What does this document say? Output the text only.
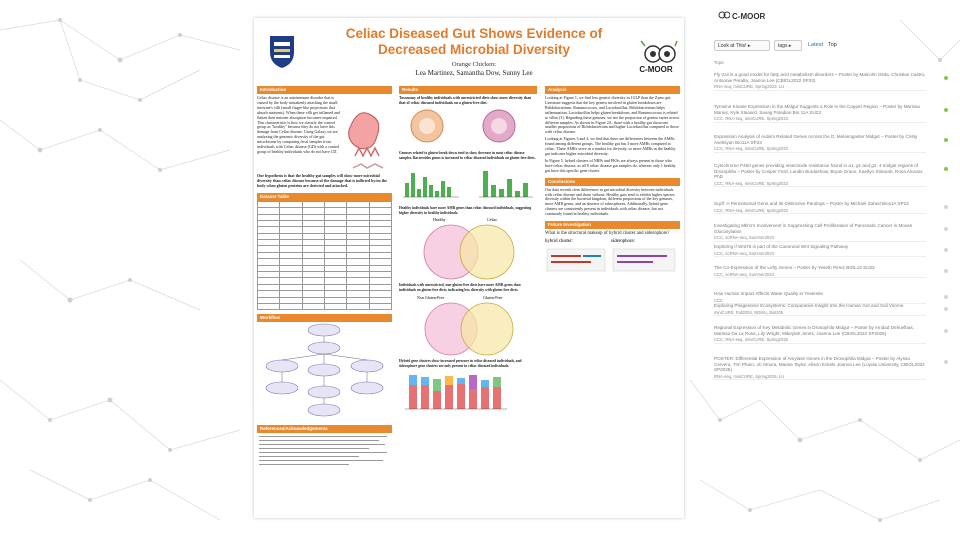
Celiac Diseased Gut Shows Evidence of
Decreased Microbial Diversity
Orange Chicken:
Lea Martinez, Samantha Dow, Sunny Lee	C-MOOR
Introduction
Celiac disease is an autoimmune disorder that is caused by the body mistakenly attacking the small intestine's villi (small finger-like projections that absorb nutrients). When these villi get inflamed and flatten then nutrient absorption becomes impaired. This characteristic is how we classify the control group as "healthy" because they do not have this damage from Celiac disease. Using Galaxy we are analyzing the genomic diversity of the gut microbiome by comparing fecal samples from individuals with Celiac disease (GD) with a control group of healthy individuals who do not have CD.
Our hypothesis is that the healthy gut samples will show more microbial diversity than celiac disease because of the damage that is inflicted by/on the body when gluten proteins are detected and attacked.
Dataset Table

Workflow
References/Acknowledgements
Results
Taxonomy of healthy individuals with unrestricted diets show more diversity than that of celiac diseased individuals on a gluten-free diet.
Genuses related to gluten break down tend to show decrease in most celiac disease samples. Bacteroides genus is increased in celiac diseased individuals on gluten-free diets.
Healthy individuals have more AMR genes than celiac diseased individuals, suggesting higher diversity in healthy individuals.
Healthy	Celiac
Individuals with unrestricted, non-gluten-free diets have more AMR genes than individuals on gluten-free diets, indicating less diversity with gluten-free diets.
Non Gluten-Free	Gluten-Free
Hybrid gene clusters show increased presence in celiac diseased individuals, and siderophore gene clusters are only present in celiac diseased individuals.
Analysis
Looking at Figure 1, we find less genetic diversity in 1GLP than the Zymo gut. Literature suggests that the key genera involved in gluten breakdown are Bifidobacterium, Ruminococcus, and Lactobacillus. Bifidobacterium helps inflammation; Lactobacillus helps gluten breakdown, and Ruminococcus is related to villus (3). Regarding these genuses, we see the proportion of genera varies across different samples. As shown in Figure 2A, those with a healthy gut showcase smaller proportions of Bifidobacterium and higher Lactobacillus compared to those with celiac disease.
Looking at Figures 3 and 4, we find that there are differences between the AMRs found among different groups. The healthy gut has 3 more AMRs compared to celiac. These AMRs serve as a marker for diversity, so more AMRs in the healthy gut indicates higher microbial diversity.
In Figure 5, hybrid clusters of NRPs and PKSs are always present in those who have celiac disease, as all 8 celiac disease gut samples do, whereas only 1 healthy gut have this specific gene cluster.
Conclusions
Our data reveals clear differences in gut microbial diversity between individuals with celiac disease and those without. Healthy guts tend to exhibit higher species diversity within the bacterial kingdom, different proportions of the key genuses, more AMR genes, and an absence of siderophores. Additionally, hybrid gene clusters are consistently present in individuals with celiac disease, but not commonly found in healthy individuals.
Future Investigation
What is the structural makeup of hybrid cluster and siderophore?
hybrid cluster:	siderophore:
C-MOOR
Look at This! ▸	tags ▸	Latest Top
Topic
Fly Gut is a good model for fatty acid metabolism disorders – Poster by Malcolm Osita, Christian Castro, Antoonie Peralta, Joanna Lee (CBIOL2022 SP23)
RNA-seq, miniCURE, Spring2023, LU
Tyrosine Kinase Expression in the Midgut Suggests a Role in the Copper Region – Poster by Marissa Manus, Kyle Stanard, Savag Poladian Bio 11A SU23
CCC, RNA-seq, miniCURE, Spring2023
Expression Analysis of Autism Related Genes Across the D. Melanogaster Midgut – Poster by Cristy Avetisyan Bio11A SP23
CCC, RNA-seq, miniCURE, Spring2023
Cytochrome P450 genes providing insecticide resistance found in a1, g1 and g2, 4 midgut regions of Drosophila – Poster by Cooper Ford, Landin Burdashaw, Bryan Grace, Kaetlyn Stinarah, Rosa Alcazar, PhD
CCC, RNA-seq, miniCURE, Spring2023
Sqz/l: A Peroxisomal Gene and its Distinctive Paralogs – Poster by Michael Zahed Bio11A SP23
CCC, RNA-seq, miniCURE, Spring2023
Investigating Mkh1's Involvement in Suppressing Cell Proliferation of Pancreatic Cancer in Mouse Glucosylation
CCC, scRNA-seq, Summer2022
Exploring if Wnt76 is part of the Canonical Wnt Signaling Pathway
CCC, scRNA-seq, Summer2022
The Co-Expression of the Lefty Genes – Poster by Yeseth Perez BIOL12 SU22
CCC, scRNA-seq, Summer2022
How Human Impact Affects Water Quality in Yosemite
CCC
Exploring Phagesome Ecosystems: Comparative Insight Into the Human Gut and Soil Virome
miniCURE, Fall2024, NDMU, Biol205
Regional Expression of Key Metabolic Genes in Drosophila Midgut – Poster by Amdad Dehuelbas, Marissa Da La Rosa, Lily Wright, Mikeylah Jones, Joanna Lee (CBIOL2022 SP2025)
CCC, RNA-seq, miniCURE, Spring2025
POSTER: Differential Expression of Amylase Genes in the Drosophila Midgut – Poster by Alyssa Cervera, Trin Pham, JC Moura, Maesa Taylor, Alison Eckels Joanna Lee (Loyola University, CBIOL2022 SP2025)
RNA-seq, miniCURE, Spring2025, LU
